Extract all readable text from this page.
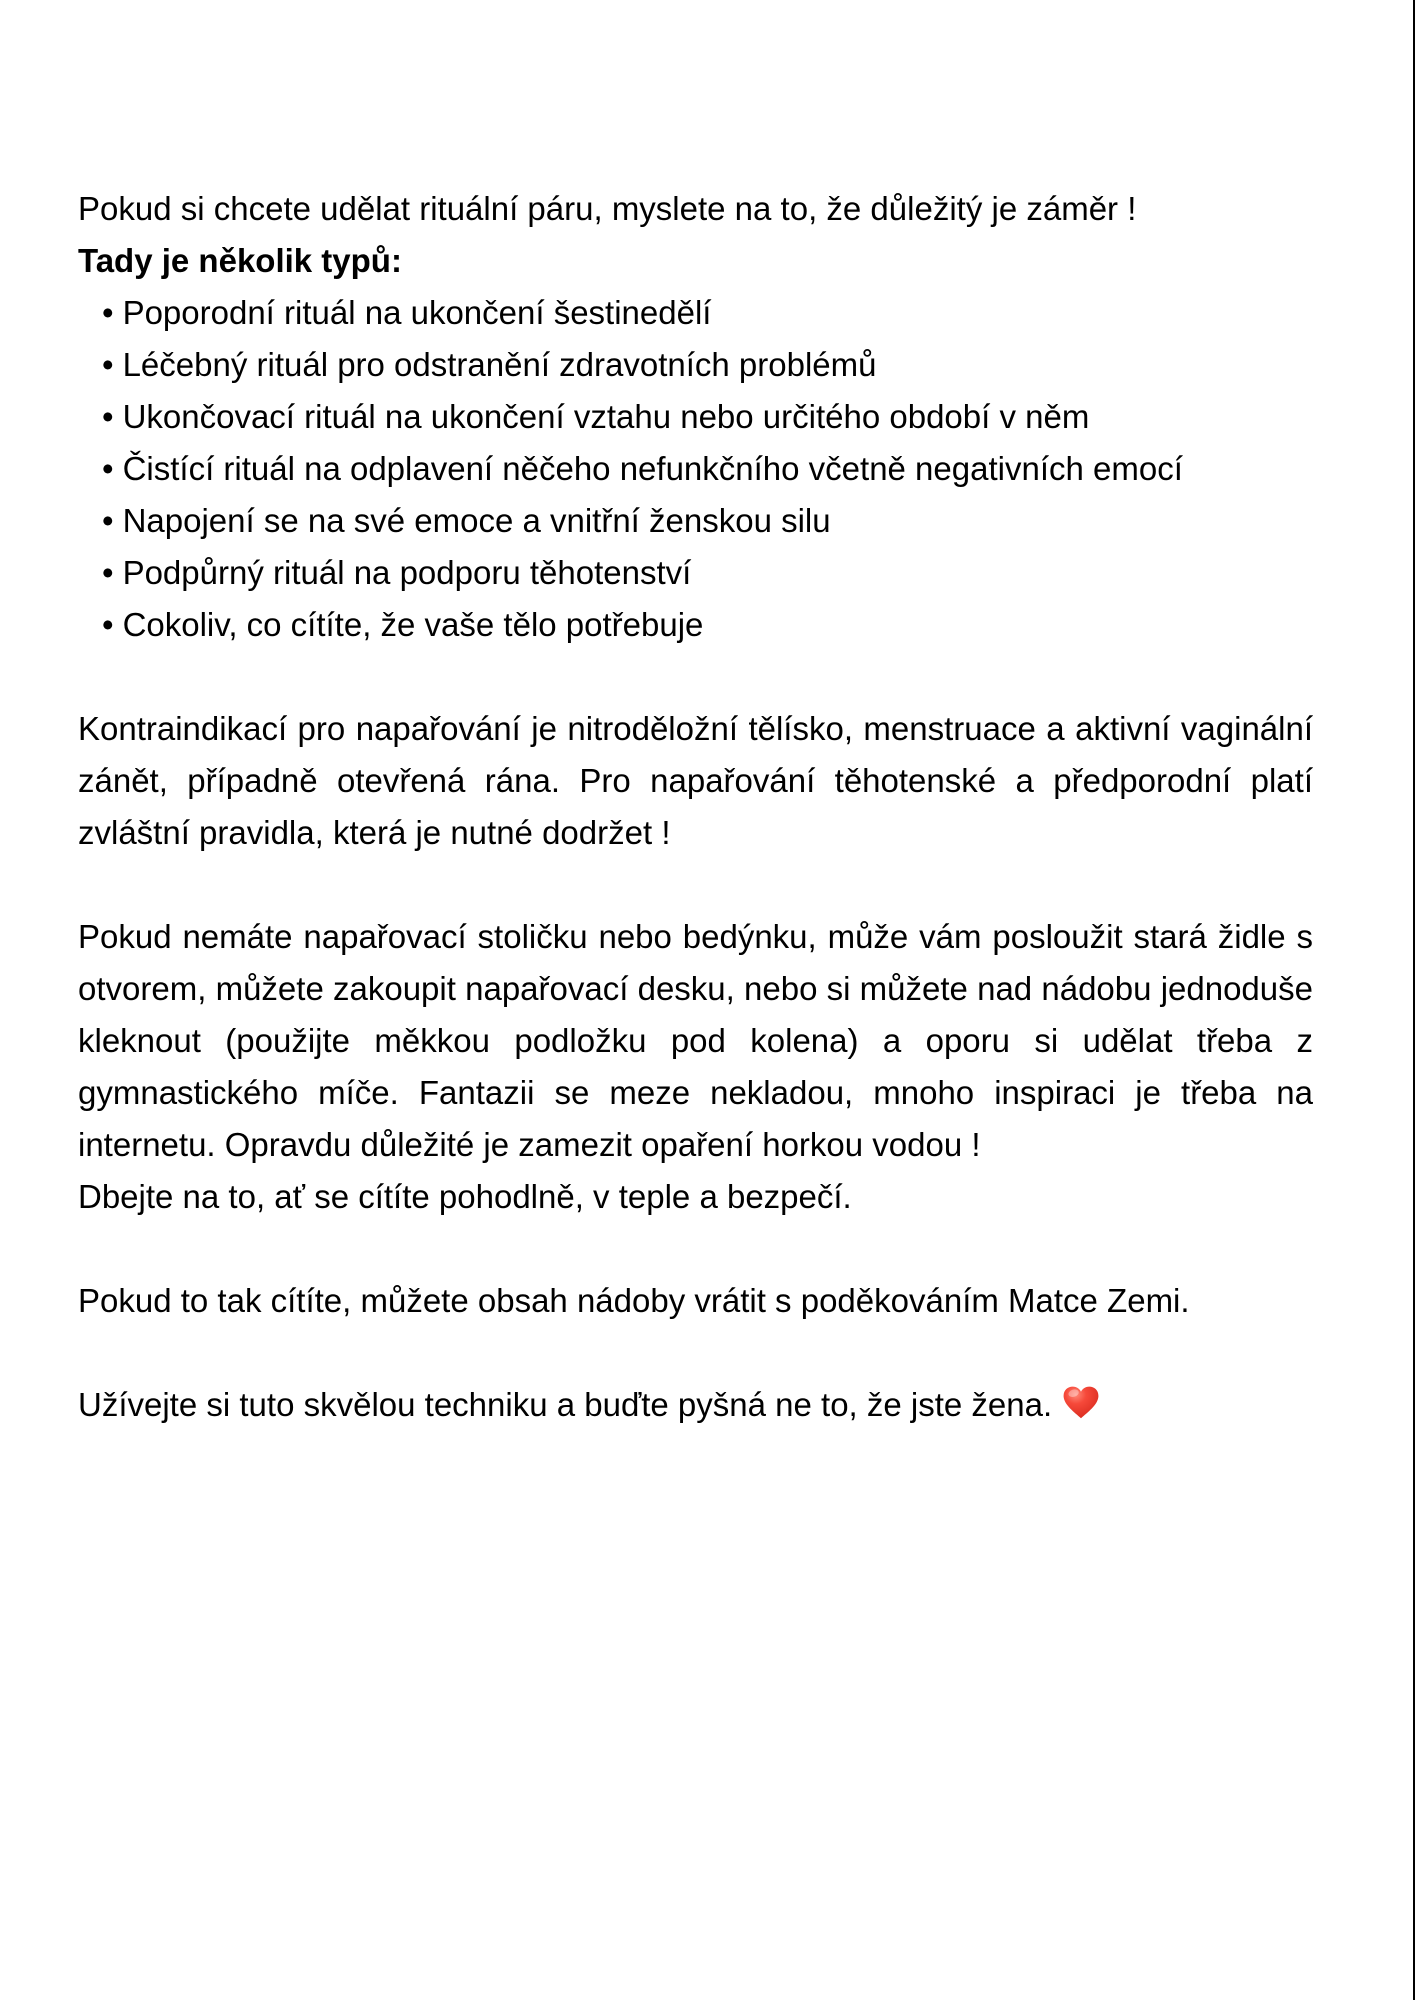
Pokud si chcete udělat rituální páru, myslete na to, že důležitý je záměr !
Tady je několik typů:
• Poporodní rituál na ukončení šestinedělí
• Léčebný rituál pro odstranění zdravotních problémů
• Ukončovací rituál na ukončení vztahu nebo určitého období v něm
• Čistící rituál na odplavení něčeho nefunkčního včetně negativních emocí
• Napojení se na své emoce a vnitřní ženskou silu
• Podpůrný rituál na podporu těhotenství
• Cokoliv, co cítíte, že vaše tělo potřebuje
Kontraindikací pro napařování je nitroděložní tělísko, menstruace a aktivní vaginální zánět, případně otevřená rána. Pro napařování těhotenské a předporodní platí zvláštní pravidla, která je nutné dodržet !
Pokud nemáte napařovací stoličku nebo bedýnku, může vám posloužit stará židle s otvorem, můžete zakoupit napařovací desku, nebo si můžete nad nádobu jednoduše kleknout (použijte měkkou podložku pod kolena) a oporu si udělat třeba z gymnastického míče. Fantazii se meze nekladou, mnoho inspiraci je třeba na internetu. Opravdu důležité je zamezit opaření horkou vodou !
Dbejte na to, ať se cítíte pohodlně, v teple a bezpečí.
Pokud to tak cítíte, můžete obsah nádoby vrátit s poděkováním Matce Zemi.
Užívejte si tuto skvělou techniku a buďte pyšná ne to, že jste žena.
